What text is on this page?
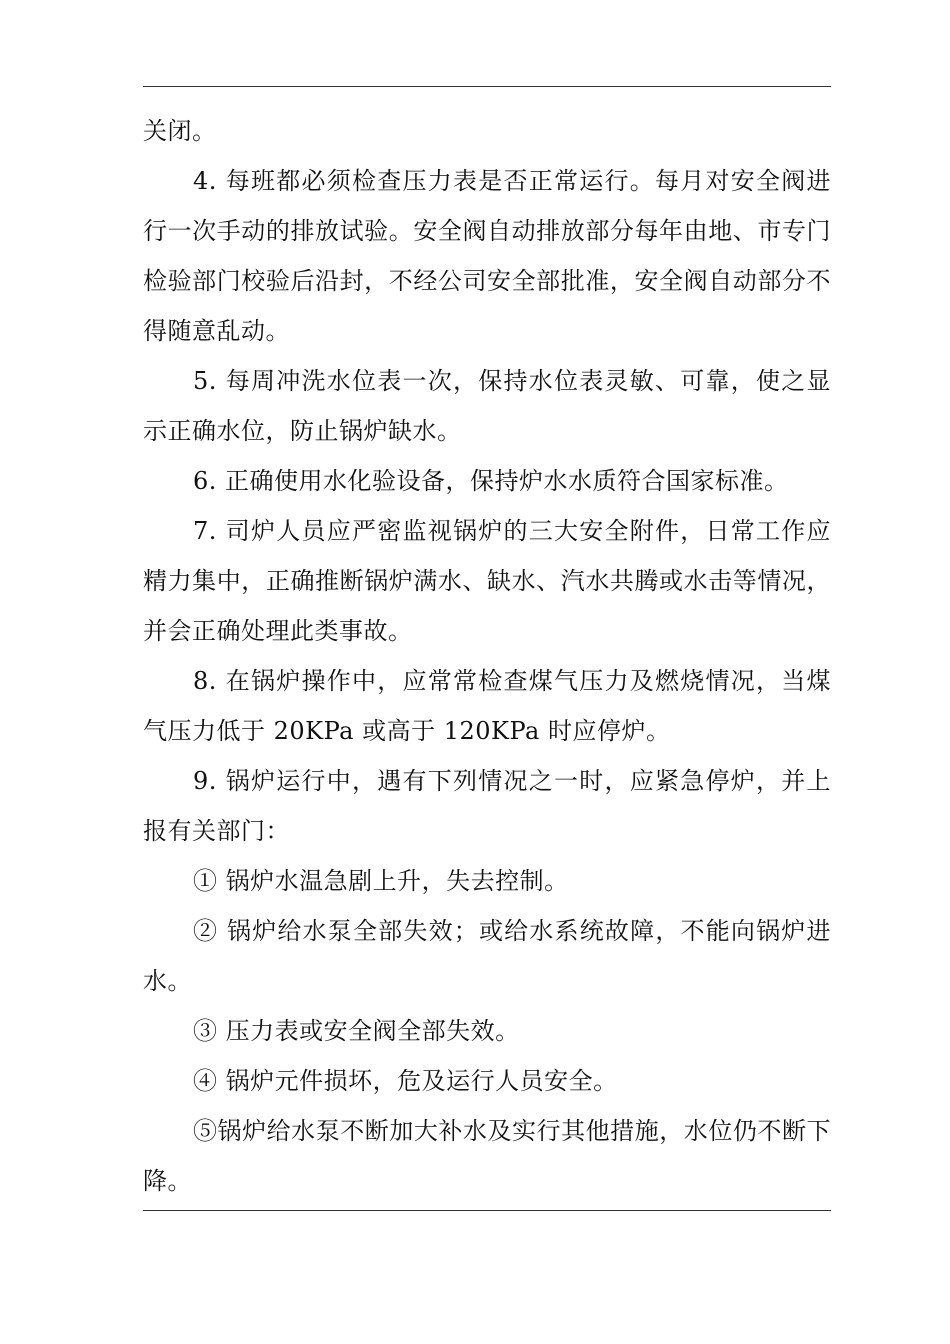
关闭。

4. 每班都必须检查压力表是否正常运行。每月对安全阀进行一次手动的排放试验。安全阀自动排放部分每年由地、市专门检验部门校验后沿封，不经公司安全部批准，安全阀自动部分不得随意乱动。

5. 每周冲洗水位表一次，保持水位表灵敏、可靠，使之显示正确水位，防止锅炉缺水。

6. 正确使用水化验设备，保持炉水水质符合国家标准。

7. 司炉人员应严密监视锅炉的三大安全附件，日常工作应精力集中，正确推断锅炉满水、缺水、汽水共腾或水击等情况，并会正确处理此类事故。

8. 在锅炉操作中，应常常检查煤气压力及燃烧情况，当煤气压力低于 20KPa 或高于 120KPa 时应停炉。

9. 锅炉运行中，遇有下列情况之一时，应紧急停炉，并上报有关部门：

① 锅炉水温急剧上升，失去控制。

② 锅炉给水泵全部失效；或给水系统故障，不能向锅炉进水。

③ 压力表或安全阀全部失效。

④ 锅炉元件损坏，危及运行人员安全。

⑤锅炉给水泵不断加大补水及实行其他措施，水位仍不断下降。
